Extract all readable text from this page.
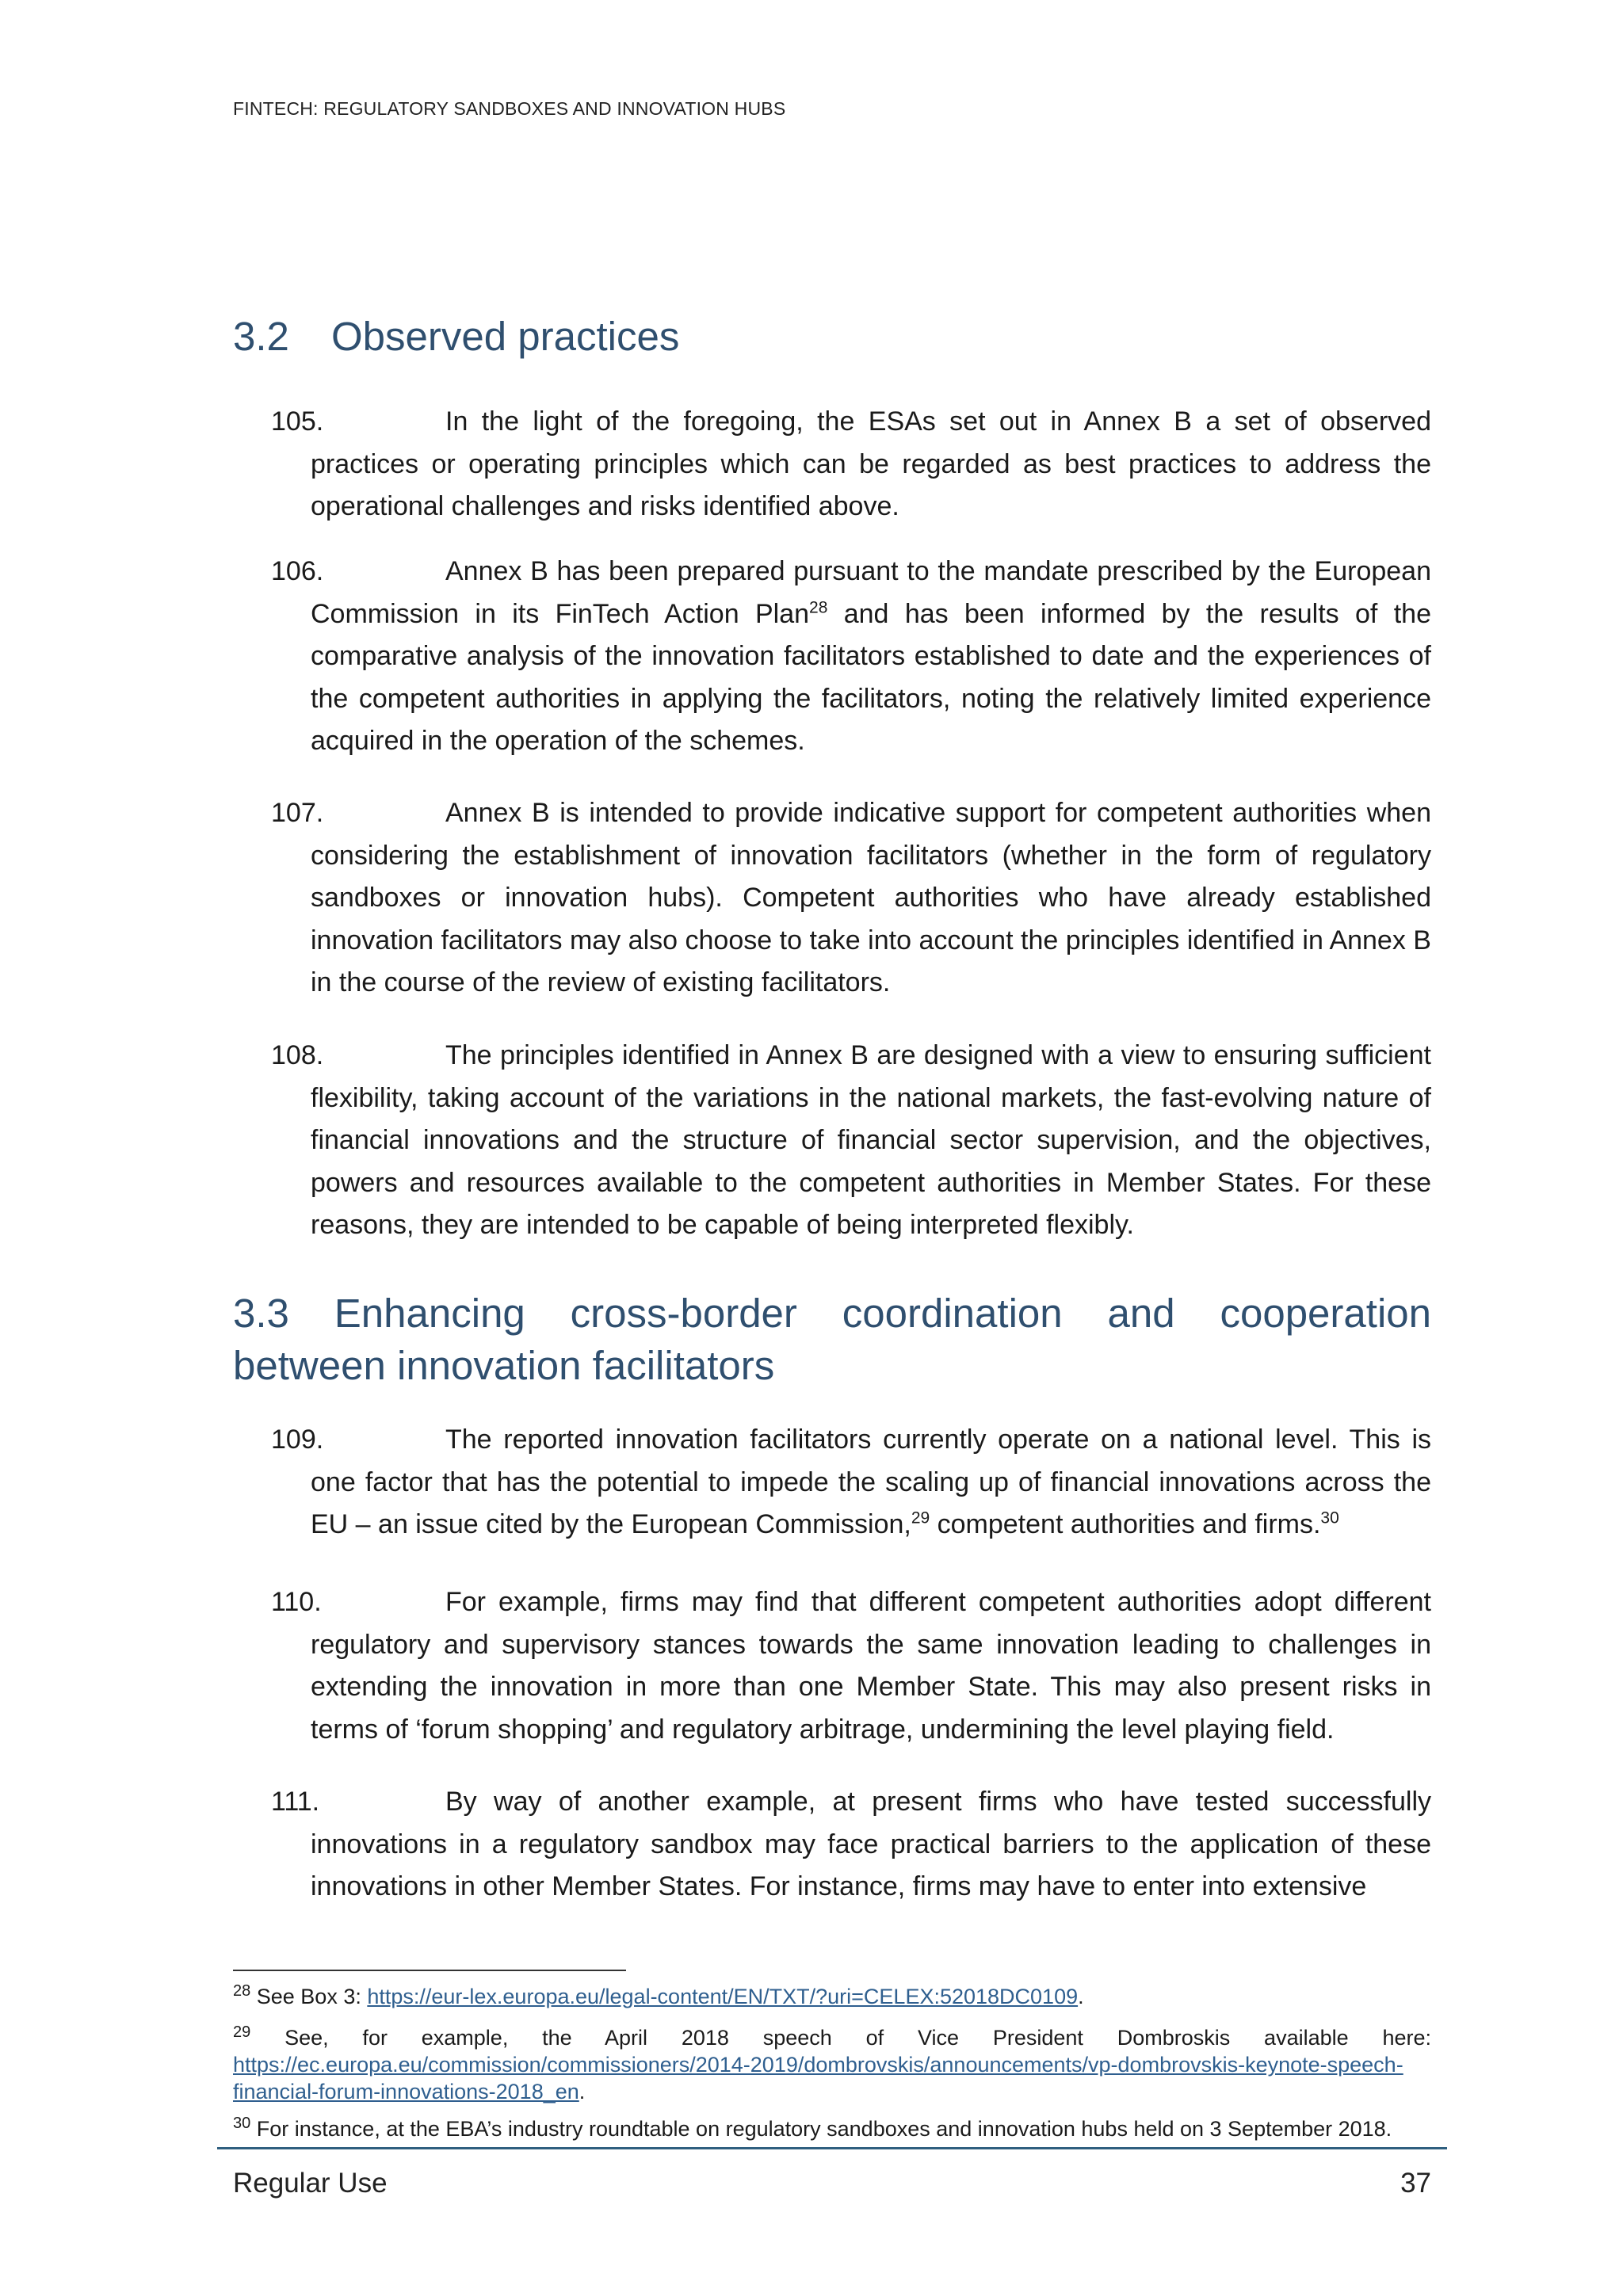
FINTECH: REGULATORY SANDBOXES AND INNOVATION HUBS
3.2 Observed practices

105.	In the light of the foregoing, the ESAs set out in Annex B a set of observed practices or operating principles which can be regarded as best practices to address the operational challenges and risks identified above.

106.	Annex B has been prepared pursuant to the mandate prescribed by the European Commission in its FinTech Action Plan$^{28}$ and has been informed by the results of the comparative analysis of the innovation facilitators established to date and the experiences of the competent authorities in applying the facilitators, noting the relatively limited experience acquired in the operation of the schemes.

107.	Annex B is intended to provide indicative support for competent authorities when considering the establishment of innovation facilitators (whether in the form of regulatory sandboxes or innovation hubs). Competent authorities who have already established innovation facilitators may also choose to take into account the principles identified in Annex B in the course of the review of existing facilitators.

108.	The principles identified in Annex B are designed with a view to ensuring sufficient flexibility, taking account of the variations in the national markets, the fast-evolving nature of financial innovations and the structure of financial sector supervision, and the objectives, powers and resources available to the competent authorities in Member States. For these reasons, they are intended to be capable of being interpreted flexibly.

3.3 Enhancing cross-border coordination and cooperation
between innovation facilitators

109.	The reported innovation facilitators currently operate on a national level. This is one factor that has the potential to impede the scaling up of financial innovations across the EU – an issue cited by the European Commission,$^{29}$ competent authorities and firms.$^{30}$

110.	For example, firms may find that different competent authorities adopt different regulatory and supervisory stances towards the same innovation leading to challenges in extending the innovation in more than one Member State. This may also present risks in terms of ‘forum shopping’ and regulatory arbitrage, undermining the level playing field.

111.	By way of another example, at present firms who have tested successfully innovations in a regulatory sandbox may face practical barriers to the application of these innovations in other Member States. For instance, firms may have to enter into extensive

$^{28}$ See Box 3: https://eur-lex.europa.eu/legal-content/EN/TXT/?uri=CELEX:52018DC0109.

$^{29}$ See, for example, the April 2018 speech of Vice President Dombroskis available here: https://ec.europa.eu/commission/commissioners/2014-2019/dombrovskis/announcements/vp-dombrovskis-keynote-speech-financial-forum-innovations-2018_en.

$^{30}$ For instance, at the EBA’s industry roundtable on regulatory sandboxes and innovation hubs held on 3 September 2018.

Regular Use	37
